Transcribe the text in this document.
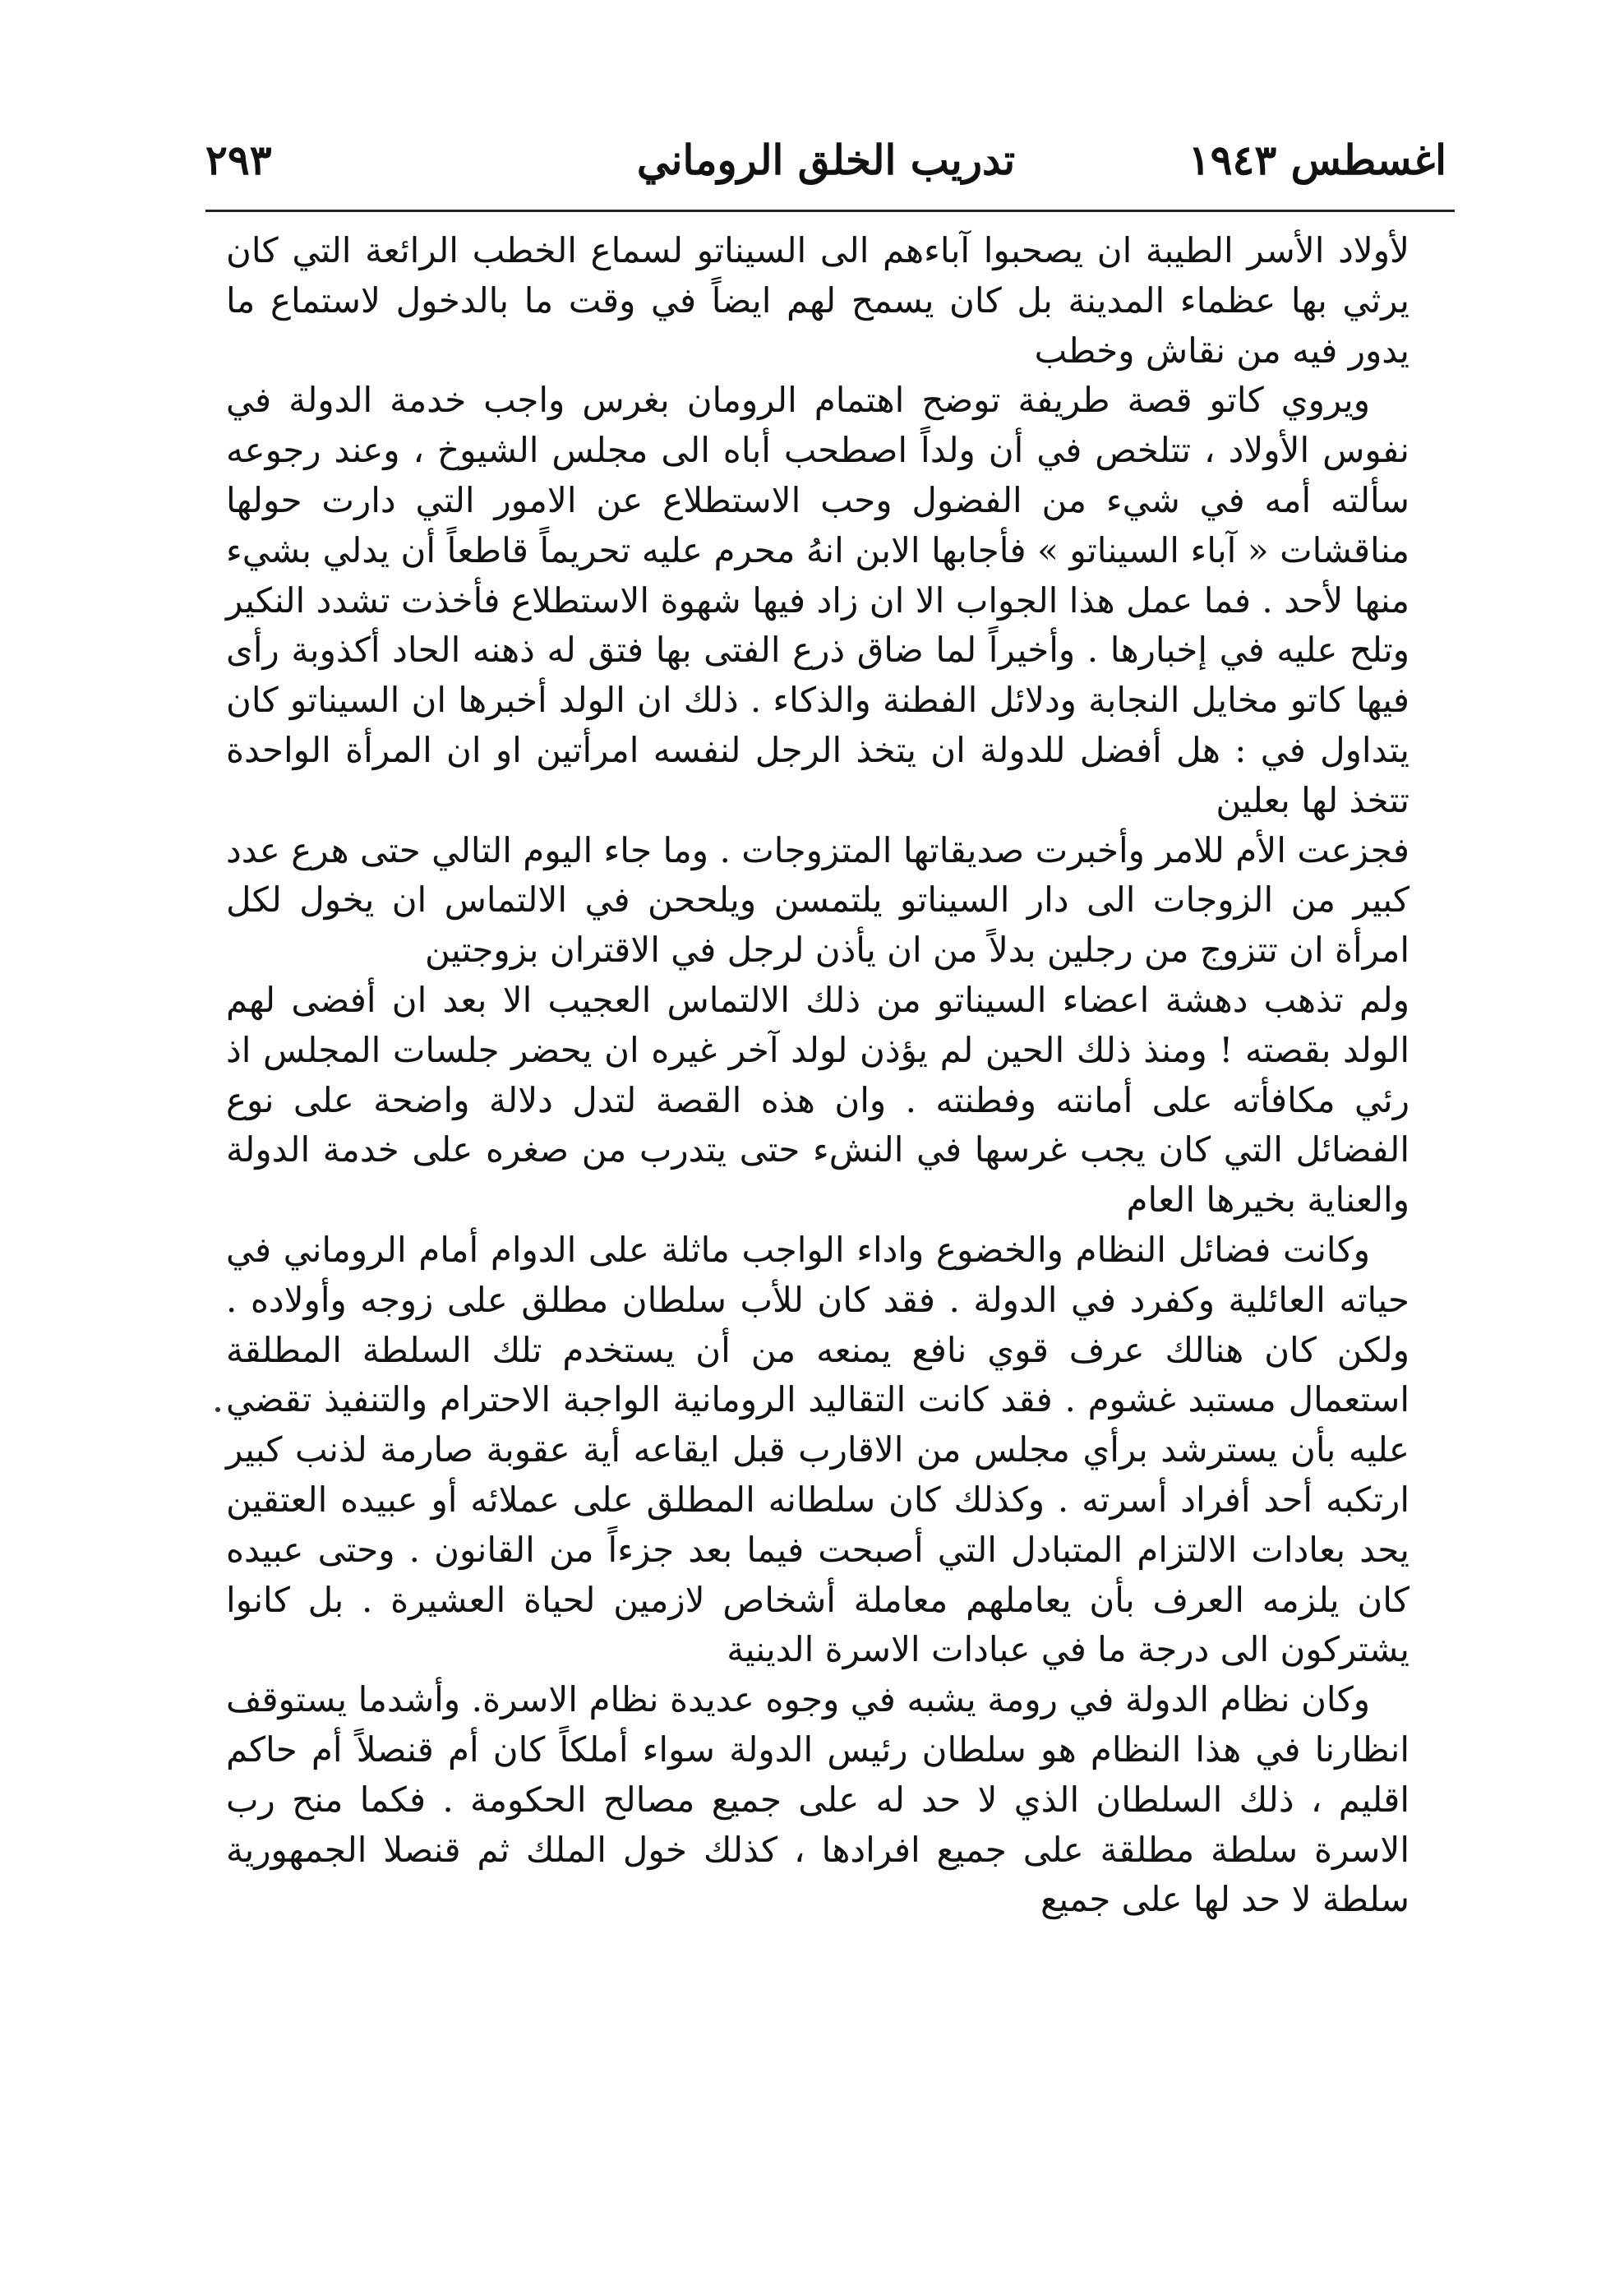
اغسطس ١٩٤٣
تدريب الخلق الروماني
٢٩٣

لأولاد الأسر الطيبة ان يصحبوا آباءهم الى السيناتو لسماع الخطب الرائعة التي كان يرثي بها عظماء المدينة بل كان يسمح لهم ايضاً في وقت ما بالدخول لاستماع ما يدور فيه من نقاش وخطب

ويروي كاتو قصة طريفة توضح اهتمام الرومان بغرس واجب خدمة الدولة في نفوس الأولاد ، تتلخص في أن ولداً اصطحب أباه الى مجلس الشيوخ ، وعند رجوعه سألته أمه في شيء من الفضول وحب الاستطلاع عن الامور التي دارت حولها مناقشات « آباء السيناتو » فأجابها الابن انهُ محرم عليه تحريماً قاطعاً أن يدلي بشيء منها لأحد . فما عمل هذا الجواب الا ان زاد فيها شهوة الاستطلاع فأخذت تشدد النكير وتلح عليه في إخبارها . وأخيراً لما ضاق ذرع الفتى بها فتق له ذهنه الحاد أكذوبة رأى فيها كاتو مخايل النجابة ودلائل الفطنة والذكاء . ذلك ان الولد أخبرها ان السيناتو كان يتداول في : هل أفضل للدولة ان يتخذ الرجل لنفسه امرأتين او ان المرأة الواحدة تتخذ لها بعلين

فجزعت الأم للامر وأخبرت صديقاتها المتزوجات . وما جاء اليوم التالي حتى هرع عدد كبير من الزوجات الى دار السيناتو يلتمسن ويلححن في الالتماس ان يخول لكل امرأة ان تتزوج من رجلين بدلاً من ان يأذن لرجل في الاقتران بزوجتين

ولم تذهب دهشة اعضاء السيناتو من ذلك الالتماس العجيب الا بعد ان أفضى لهم الولد بقصته ! ومنذ ذلك الحين لم يؤذن لولد آخر غيره ان يحضر جلسات المجلس اذ رئي مكافأته على أمانته وفطنته . وان هذه القصة لتدل دلالة واضحة على نوع الفضائل التي كان يجب غرسها في النشء حتى يتدرب من صغره على خدمة الدولة والعناية بخيرها العام

وكانت فضائل النظام والخضوع واداء الواجب ماثلة على الدوام أمام الروماني في حياته العائلية وكفرد في الدولة . فقد كان للأب سلطان مطلق على زوجه وأولاده . ولكن كان هنالك عرف قوي نافع يمنعه من أن يستخدم تلك السلطة المطلقة استعمال مستبد غشوم . فقد كانت التقاليد الرومانية الواجبة الاحترام والتنفيذ تقضي عليه بأن يسترشد برأي مجلس من الاقارب قبل ايقاعه أية عقوبة صارمة لذنب كبير ارتكبه أحد أفراد أسرته . وكذلك كان سلطانه المطلق على عملائه أو عبيده العتقين يحد بعادات الالتزام المتبادل التي أصبحت فيما بعد جزءاً من القانون . وحتى عبيده كان يلزمه العرف بأن يعاملهم معاملة أشخاص لازمين لحياة العشيرة . بل كانوا يشتركون الى درجة ما في عبادات الاسرة الدينية

وكان نظام الدولة في رومة يشبه في وجوه عديدة نظام الاسرة. وأشدما يستوقف انظارنا في هذا النظام هو سلطان رئيس الدولة سواء أملكاً كان أم قنصلاً أم حاكم اقليم ، ذلك السلطان الذي لا حد له على جميع مصالح الحكومة . فكما منح رب الاسرة سلطة مطلقة على جميع افرادها ، كذلك خول الملك ثم قنصلا الجمهورية سلطة لا حد لها على جميع
